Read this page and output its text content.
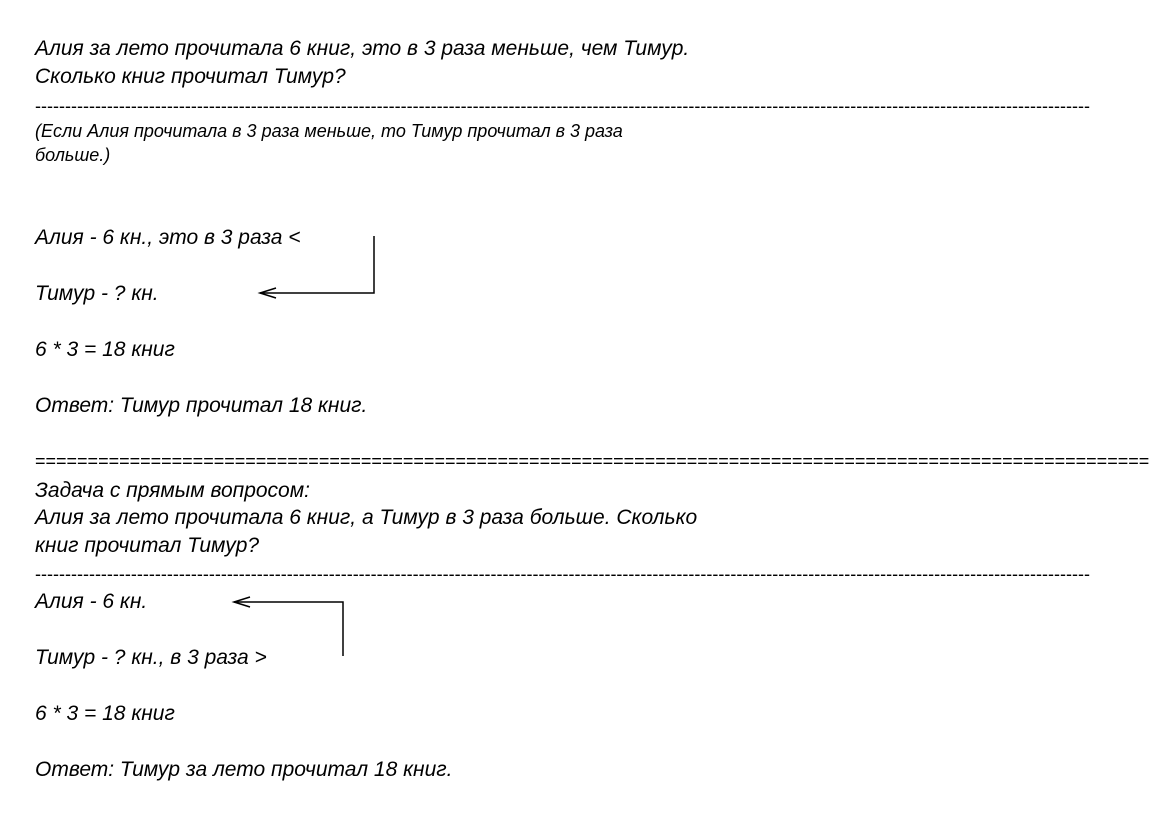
Алия за лето прочитала 6 книг, это в 3 раза меньше, чем Тимур.

Сколько книг прочитал Тимур?

--------------------------------------------------------------------------------------------------------------------------------------------------------------------------------

(Если Алия прочитала в 3 раза меньше, то Тимур прочитал в 3 раза

больше.)

Алия - 6 кн., это в 3 раза <

Тимур - ? кн.

6 * 3 = 18 книг

Ответ: Тимур прочитал 18 книг.

==========================================================================================================

Задача с прямым вопросом:

Алия за лето прочитала 6 книг, а Тимур в 3 раза больше. Сколько

книг прочитал Тимур?

--------------------------------------------------------------------------------------------------------------------------------------------------------------------------------

Алия - 6 кн.

Тимур - ? кн., в 3 раза >

6 * 3 = 18 книг

Ответ: Тимур за лето прочитал 18 книг.
